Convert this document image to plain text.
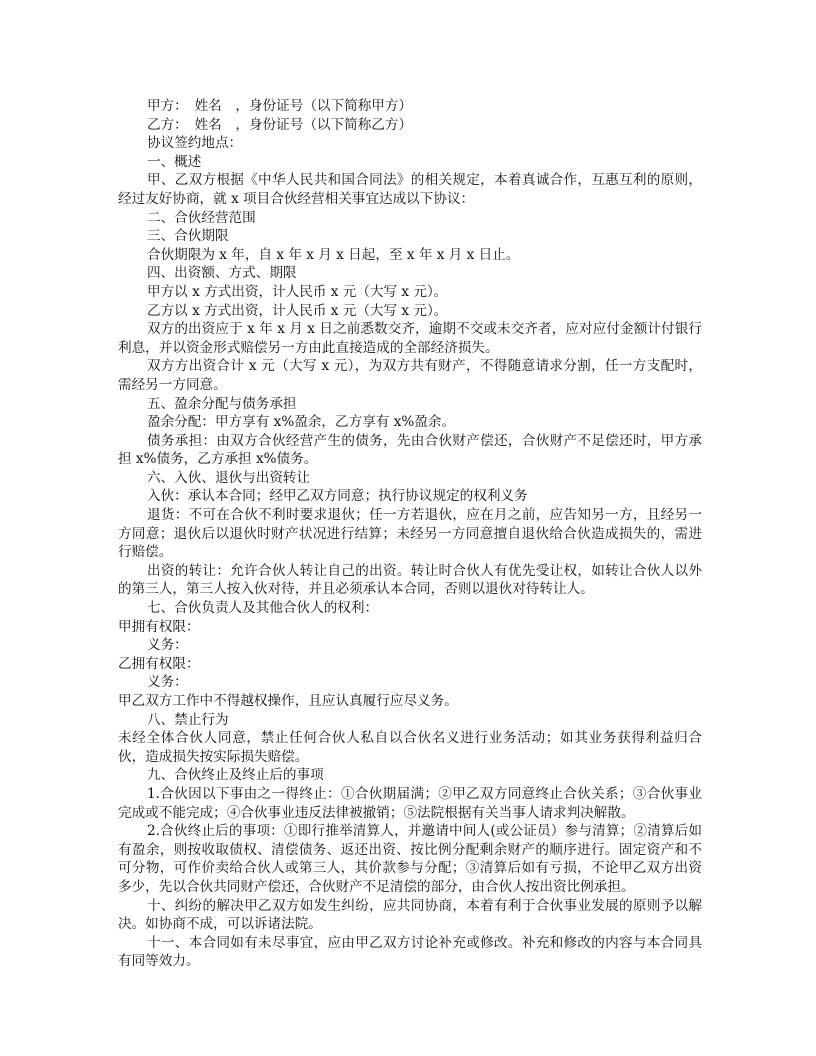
甲方：　姓名　，身份证号（以下简称甲方）

乙方：　姓名　，身份证号（以下简称乙方）

协议签约地点：

一、概述

甲、乙双方根据《中华人民共和国合同法》的相关规定，本着真诚合作，互惠互利的原则，经过友好协商，就 x 项目合伙经营相关事宜达成以下协议：

二、合伙经营范围

三、合伙期限

合伙期限为 x 年，自 x 年 x 月 x 日起，至 x 年 x 月 x 日止。

四、出资额、方式、期限

甲方以 x 方式出资，计人民币 x 元（大写 x 元）。

乙方以 x 方式出资，计人民币 x 元（大写 x 元）。

双方的出资应于 x 年 x 月 x 日之前悉数交齐，逾期不交或未交齐者，应对应付金额计付银行利息，并以资金形式赔偿另一方由此直接造成的全部经济损失。

双方方出资合计 x 元（大写 x 元），为双方共有财产，不得随意请求分割，任一方支配时，需经另一方同意。

五、盈余分配与债务承担

盈余分配：甲方享有 x%盈余，乙方享有 x%盈余。

债务承担：由双方合伙经营产生的债务，先由合伙财产偿还，合伙财产不足偿还时，甲方承担 x%债务，乙方承担 x%债务。

六、入伙、退伙与出资转让

入伙：承认本合同；经甲乙双方同意；执行协议规定的权利义务

退货：不可在合伙不利时要求退伙；任一方若退伙，应在月之前，应告知另一方，且经另一方同意；退伙后以退伙时财产状况进行结算；未经另一方同意擅自退伙给合伙造成损失的，需进行赔偿。

出资的转让：允许合伙人转让自己的出资。转让时合伙人有优先受让权，如转让合伙人以外的第三人，第三人按入伙对待，并且必须承认本合同，否则以退伙对待转让人。

七、合伙负责人及其他合伙人的权利：

甲拥有权限：

义务：

乙拥有权限：

义务：

甲乙双方工作中不得越权操作，且应认真履行应尽义务。

八、禁止行为

未经全体合伙人同意，禁止任何合伙人私自以合伙名义进行业务活动；如其业务获得利益归合伙，造成损失按实际损失赔偿。

九、合伙终止及终止后的事项

1.合伙因以下事由之一得终止：①合伙期届满；②甲乙双方同意终止合伙关系；③合伙事业完成或不能完成；④合伙事业违反法律被撤销；⑤法院根据有关当事人请求判决解散。

2.合伙终止后的事项：①即行推举清算人，并邀请中间人(或公证员）参与清算；②清算后如有盈余，则按收取债权、清偿债务、返还出资、按比例分配剩余财产的顺序进行。固定资产和不可分物，可作价卖给合伙人或第三人，其价款参与分配；③清算后如有亏损，不论甲乙双方出资多少，先以合伙共同财产偿还，合伙财产不足清偿的部分，由合伙人按出资比例承担。

十、纠纷的解决甲乙双方如发生纠纷，应共同协商，本着有利于合伙事业发展的原则予以解决。如协商不成，可以诉诸法院。

十一、本合同如有未尽事宜，应由甲乙双方讨论补充或修改。补充和修改的内容与本合同具有同等效力。
